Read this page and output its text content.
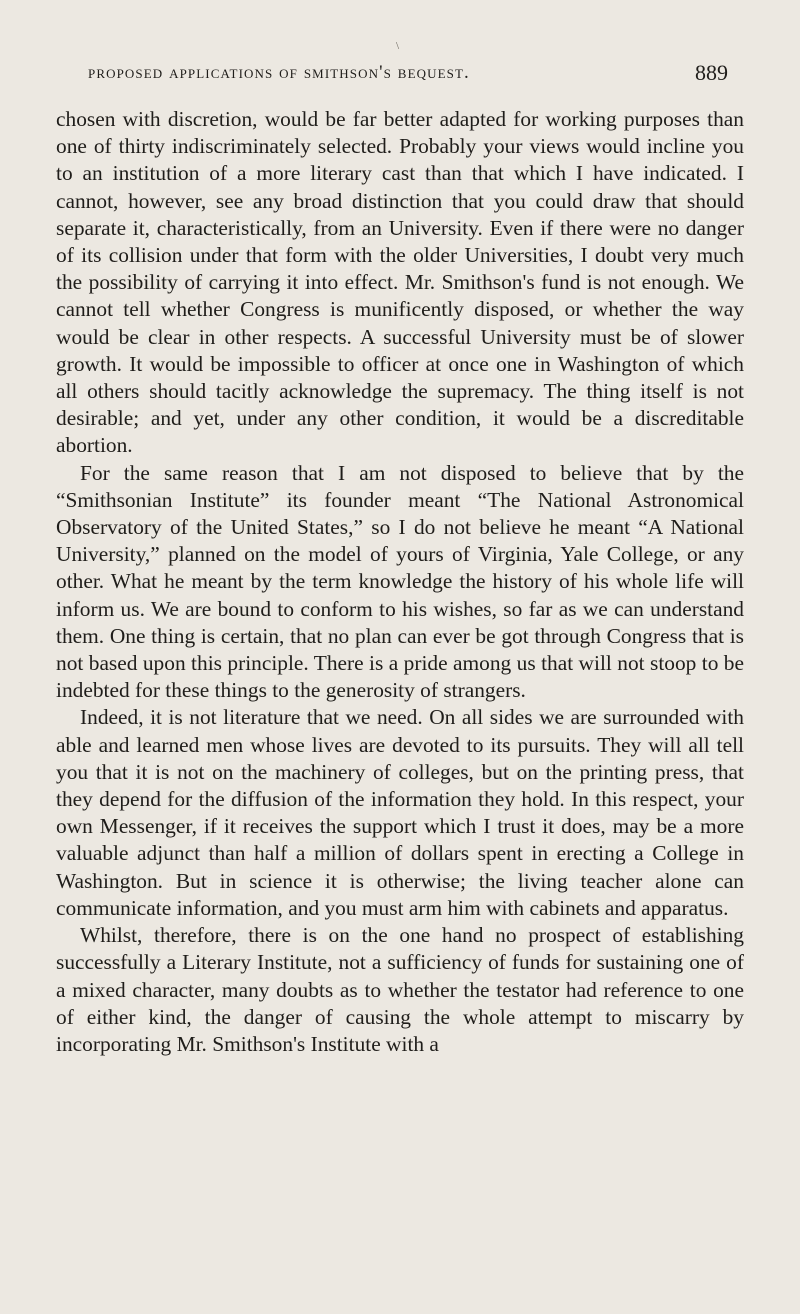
\
proposed applications of smithson's bequest.	889

chosen with discretion, would be far better adapted for working purposes than one of thirty indiscriminately selected. Probably your views would incline you to an institution of a more literary cast than that which I have indicated. I cannot, however, see any broad distinction that you could draw that should separate it, characteristically, from an University. Even if there were no danger of its collision under that form with the older Universities, I doubt very much the possibility of carrying it into effect. Mr. Smithson's fund is not enough. We cannot tell whether Congress is munificently disposed, or whether the way would be clear in other respects. A successful University must be of slower growth. It would be impossible to officer at once one in Washington of which all others should tacitly acknowledge the supremacy. The thing itself is not desirable; and yet, under any other condition, it would be a discreditable abortion.

For the same reason that I am not disposed to believe that by the “Smithsonian Institute” its founder meant “The National Astronomical Observatory of the United States,” so I do not believe he meant “A National University,” planned on the model of yours of Virginia, Yale College, or any other. What he meant by the term knowledge the history of his whole life will inform us. We are bound to conform to his wishes, so far as we can understand them. One thing is certain, that no plan can ever be got through Congress that is not based upon this principle. There is a pride among us that will not stoop to be indebted for these things to the generosity of strangers.

Indeed, it is not literature that we need. On all sides we are surrounded with able and learned men whose lives are devoted to its pursuits. They will all tell you that it is not on the machinery of colleges, but on the printing press, that they depend for the diffusion of the information they hold. In this respect, your own Messenger, if it receives the support which I trust it does, may be a more valuable adjunct than half a million of dollars spent in erecting a College in Washington. But in science it is otherwise; the living teacher alone can communicate information, and you must arm him with cabinets and apparatus.

Whilst, therefore, there is on the one hand no prospect of establishing successfully a Literary Institute, not a sufficiency of funds for sustaining one of a mixed character, many doubts as to whether the testator had reference to one of either kind, the danger of causing the whole attempt to miscarry by incorporating Mr. Smithson's Institute with a
